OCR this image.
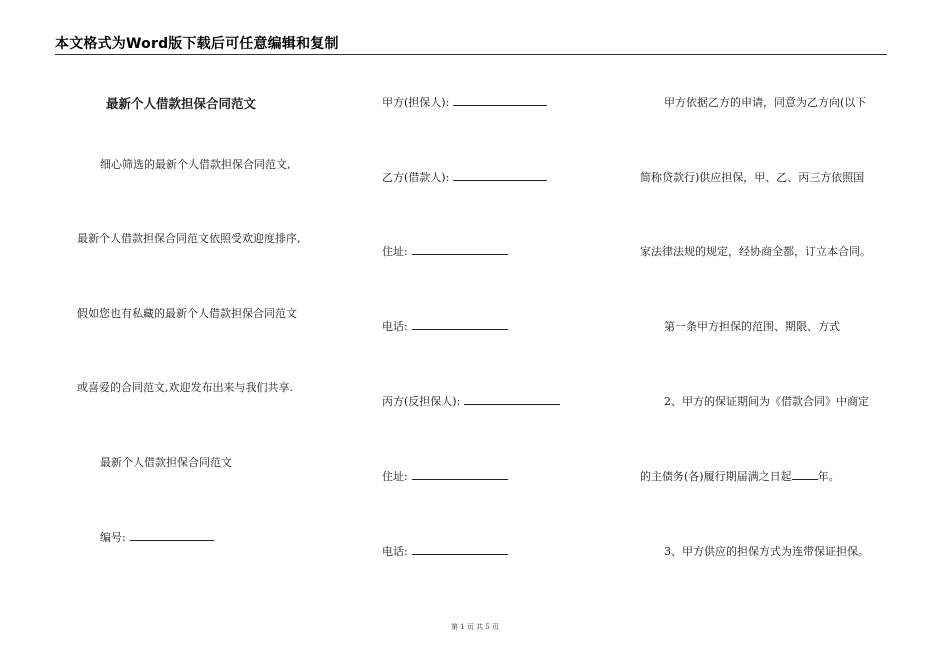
本文格式为Word版下载后可任意编辑和复制
最新个人借款担保合同范文
细心筛选的最新个人借款担保合同范文,
最新个人借款担保合同范文依照受欢迎度排序,
假如您也有私藏的最新个人借款担保合同范文
或喜爱的合同范文,欢迎发布出来与我们共享.
最新个人借款担保合同范文
编号:
甲方(担保人):
乙方(借款人):
住址:
电话:
丙方(反担保人):
住址:
电话:
甲方依据乙方的申请，同意为乙方向(以下
简称贷款行)供应担保，甲、乙、丙三方依照国
家法律法规的规定，经协商全都，订立本合同。
第一条甲方担保的范围、期限、方式
2、甲方的保证期间为《借款合同》中商定
的主债务(各)履行期届满之日起 年。
3、甲方供应的担保方式为连带保证担保。
第 1 页 共 5 页
